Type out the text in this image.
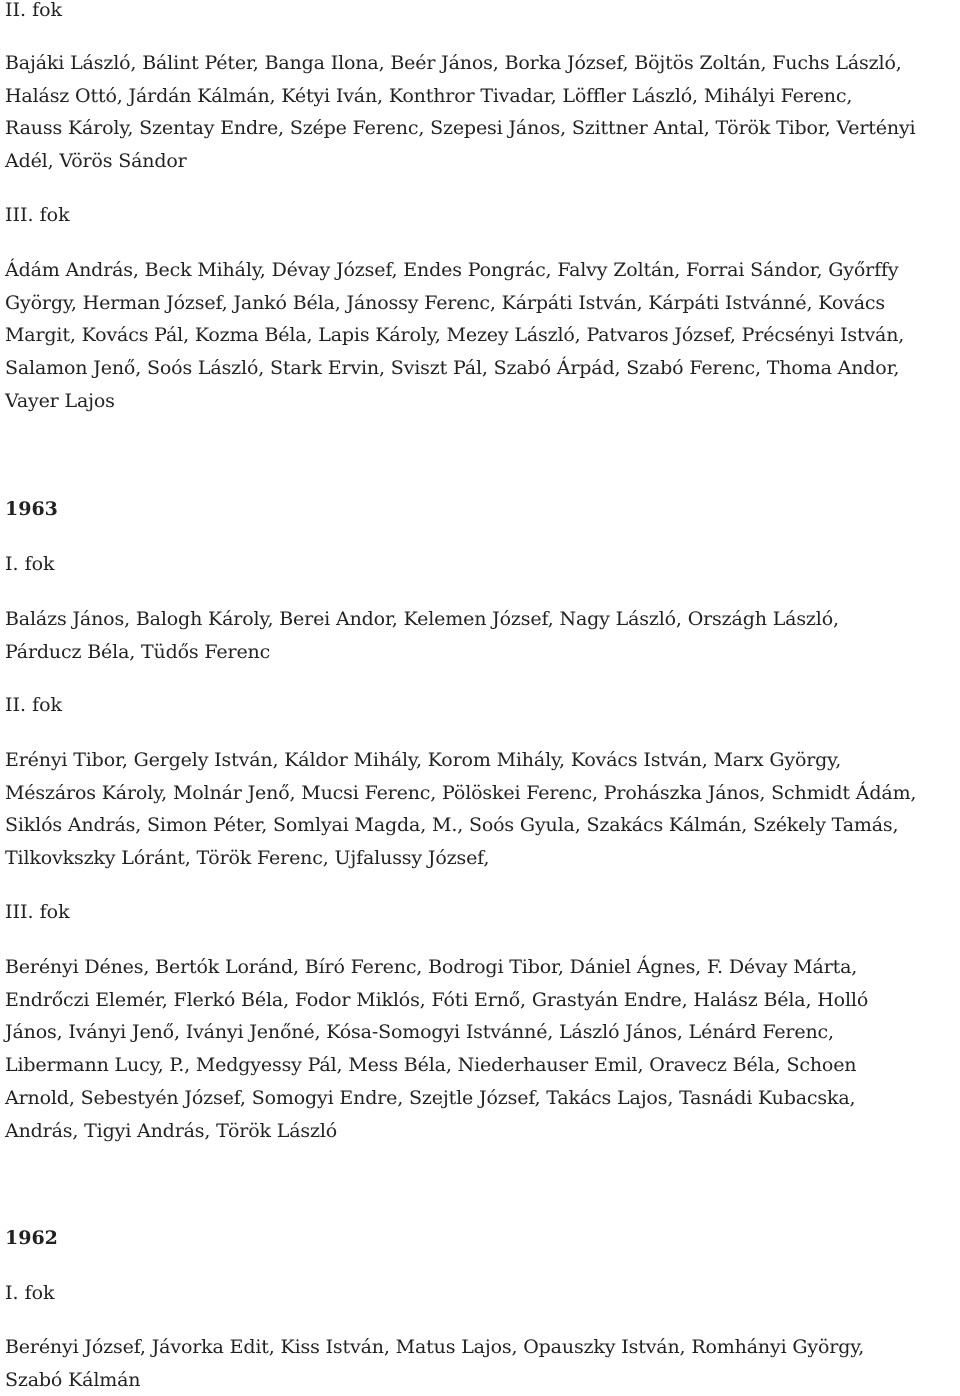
II. fok
Bajáki László, Bálint Péter, Banga Ilona, Beér János, Borka József, Böjtös Zoltán, Fuchs László,
Halász Ottó, Járdán Kálmán, Kétyi Iván, Konthror Tivadar, Löffler László, Mihályi Ferenc,
Rauss Károly, Szentay Endre, Szépe Ferenc, Szepesi János, Szittner Antal, Török Tibor, Vertényi
Adél, Vörös Sándor
III. fok
Ádám András, Beck Mihály, Dévay József, Endes Pongrác, Falvy Zoltán, Forrai Sándor, Győrffy
György, Herman József, Jankó Béla, Jánossy Ferenc, Kárpáti István, Kárpáti Istvánné, Kovács
Margit, Kovács Pál, Kozma Béla, Lapis Károly, Mezey László, Patvaros József, Précsényi István,
Salamon Jenő, Soós László, Stark Ervin, Sviszt Pál, Szabó Árpád, Szabó Ferenc, Thoma Andor,
Vayer Lajos
1963
I. fok
Balázs János, Balogh Károly, Berei Andor, Kelemen József, Nagy László, Országh László,
Párducz Béla, Tüdős Ferenc
II. fok
Erényi Tibor, Gergely István, Káldor Mihály, Korom Mihály, Kovács István, Marx György,
Mészáros Károly, Molnár Jenő, Mucsi Ferenc, Pölöskei Ferenc, Prohászka János, Schmidt Ádám,
Siklós András, Simon Péter, Somlyai Magda, M., Soós Gyula, Szakács Kálmán, Székely Tamás,
Tilkovkszky Lóránt, Török Ferenc, Ujfalussy József,
III. fok
Berényi Dénes, Bertók Loránd, Bíró Ferenc, Bodrogi Tibor, Dániel Ágnes, F. Dévay Márta,
Endrőczi Elemér, Flerkó Béla, Fodor Miklós, Fóti Ernő, Grastyán Endre, Halász Béla, Holló
János, Iványi Jenő, Iványi Jenőné, Kósa-Somogyi Istvánné, László János, Lénárd Ferenc,
Libermann Lucy, P., Medgyessy Pál, Mess Béla, Niederhauser Emil, Oravecz Béla, Schoen
Arnold, Sebestyén József, Somogyi Endre, Szejtle József, Takács Lajos, Tasnádi Kubacska,
András, Tigyi András, Török László
1962
I. fok
Berényi József, Jávorka Edit, Kiss István, Matus Lajos, Opauszky István, Romhányi György,
Szabó Kálmán
